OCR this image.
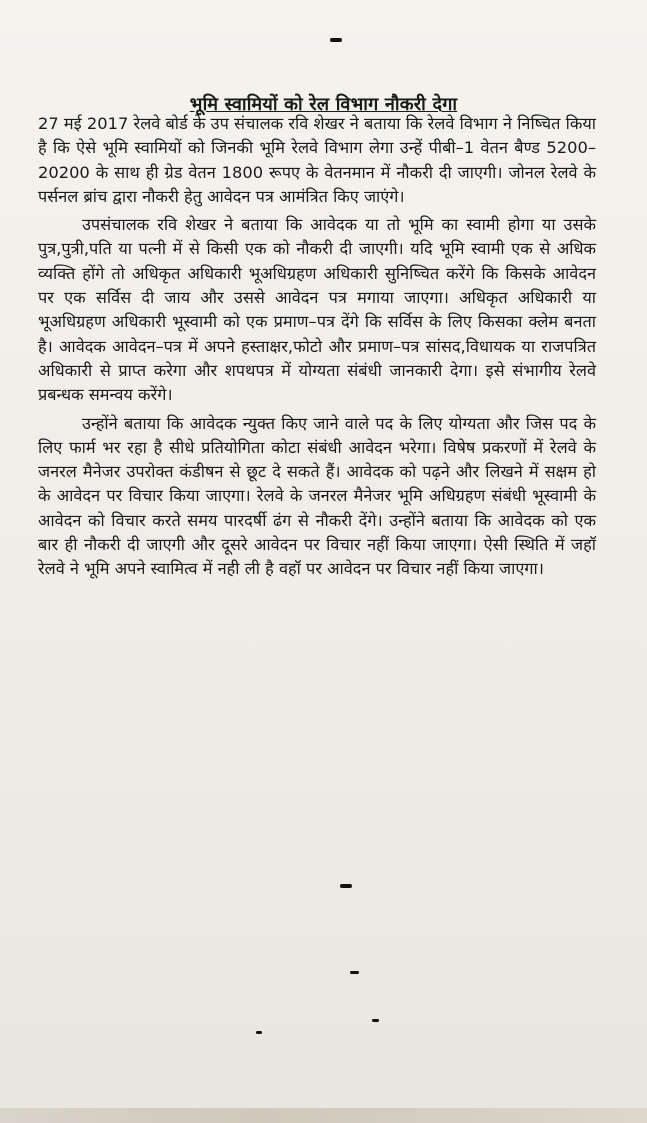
भूमि स्वामियों को रेल विभाग नौकरी देगा

27 मई 2017 रेलवे बोर्ड के उप संचालक रवि शेखर ने बताया कि रेलवे विभाग ने निष्चित किया है कि ऐसे भूमि स्वामियों को जिनकी भूमि रेलवे विभाग लेगा उन्हें पीबी–1 वेतन बैण्ड 5200–20200 के साथ ही ग्रेड वेतन 1800 रूपए के वेतनमान में नौकरी दी जाएगी। जोनल रेलवे के पर्सनल ब्रांच द्वारा नौकरी हेतु आवेदन पत्र आमंत्रित किए जाएंगे।

उपसंचालक रवि शेखर ने बताया कि आवेदक या तो भूमि का स्वामी होगा या उसके पुत्र,पुत्री,पति या पत्नी में से किसी एक को नौकरी दी जाएगी। यदि भूमि स्वामी एक से अधिक व्यक्ति होंगे तो अधिकृत अधिकारी भूअधिग्रहण अधिकारी सुनिष्चित करेंगे कि किसके आवेदन पर एक सर्विस दी जाय और उससे आवेदन पत्र मगाया जाएगा। अधिकृत अधिकारी या भूअधिग्रहण अधिकारी भूस्वामी को एक प्रमाण–पत्र देंगे कि सर्विस के लिए किसका क्लेम बनता है। आवेदक आवेदन–पत्र में अपने हस्ताक्षर,फोटो और प्रमाण–पत्र सांसद,विधायक या राजपत्रित अधिकारी से प्राप्त करेगा और शपथपत्र में योग्यता संबंधी जानकारी देगा। इसे संभागीय रेलवे प्रबन्धक समन्वय करेंगे।

उन्होंने बताया कि आवेदक न्युक्त किए जाने वाले पद के लिए योग्यता और जिस पद के लिए फार्म भर रहा है सीधे प्रतियोगिता कोटा संबंधी आवेदन भरेगा। विषेष प्रकरणों में रेलवे के जनरल मैनेजर उपरोक्त कंडीषन से छूट दे सकते हैं। आवेदक को पढ़ने और लिखने में सक्षम हो के आवेदन पर विचार किया जाएगा। रेलवे के जनरल मैनेजर भूमि अधिग्रहण संबंधी भूस्वामी के आवेदन को विचार करते समय पारदर्षी ढंग से नौकरी देंगे। उन्होंने बताया कि आवेदक को एक बार ही नौकरी दी जाएगी और दूसरे आवेदन पर विचार नहीं किया जाएगा। ऐसी स्थिति में जहॉ रेलवे ने भूमि अपने स्वामित्व में नही ली है वहॉ पर आवेदन पर विचार नहीं किया जाएगा।
